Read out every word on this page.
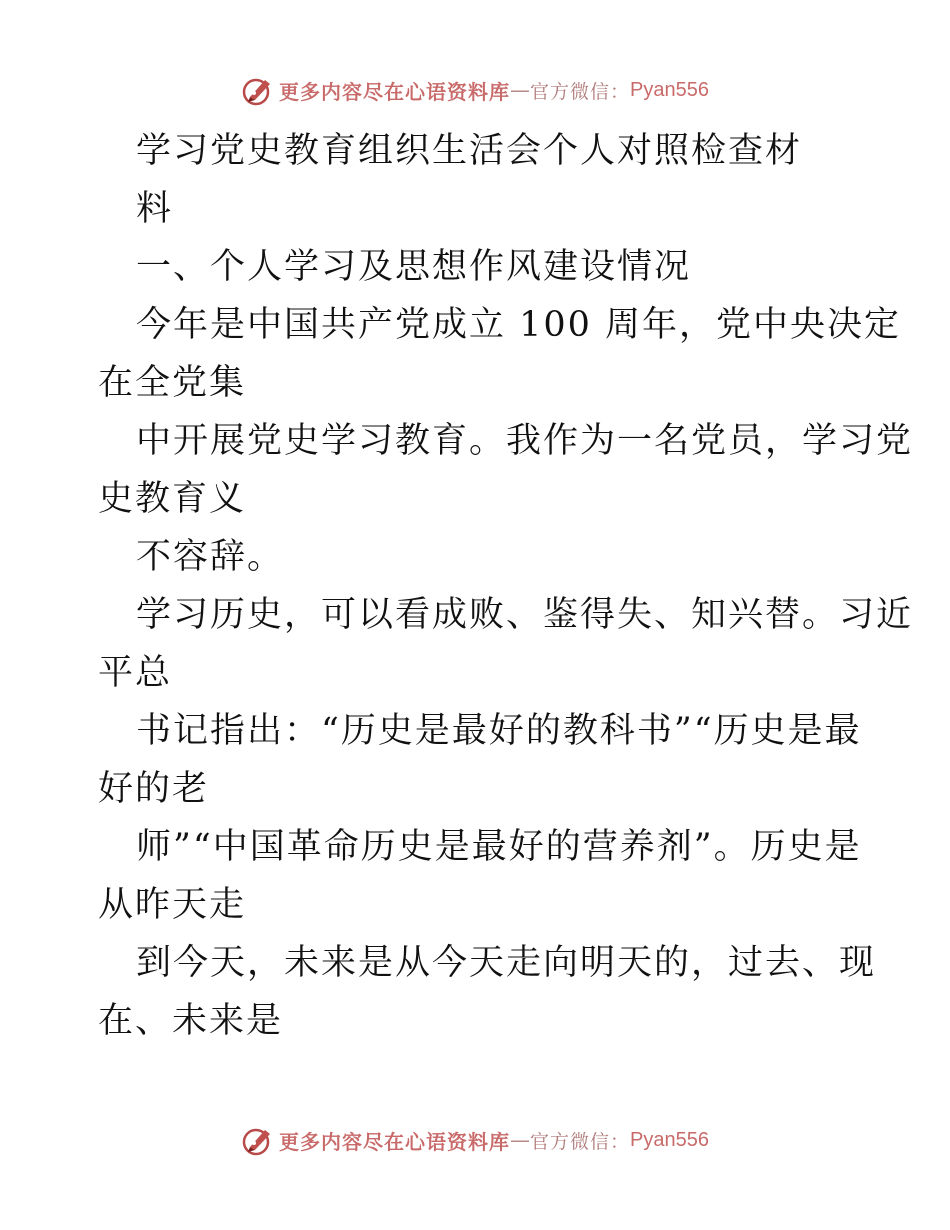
更多内容尽在心语资料库 — 官方微信： Pyan556
学习党史教育组织生活会个人对照检查材
料
一、个人学习及思想作风建设情况
今年是中国共产党成立 100 周年，党中央决定
在全党集
中开展党史学习教育。我作为一名党员，学习党
史教育义
不容辞。
学习历史，可以看成败、鉴得失、知兴替。习近
平总
书记指出：“历史是最好的教科书”“历史是最
好的老
师”“中国革命历史是最好的营养剂”。历史是
从昨天走
到今天，未来是从今天走向明天的，过去、现
在、未来是
更多内容尽在心语资料库 — 官方微信： Pyan556
